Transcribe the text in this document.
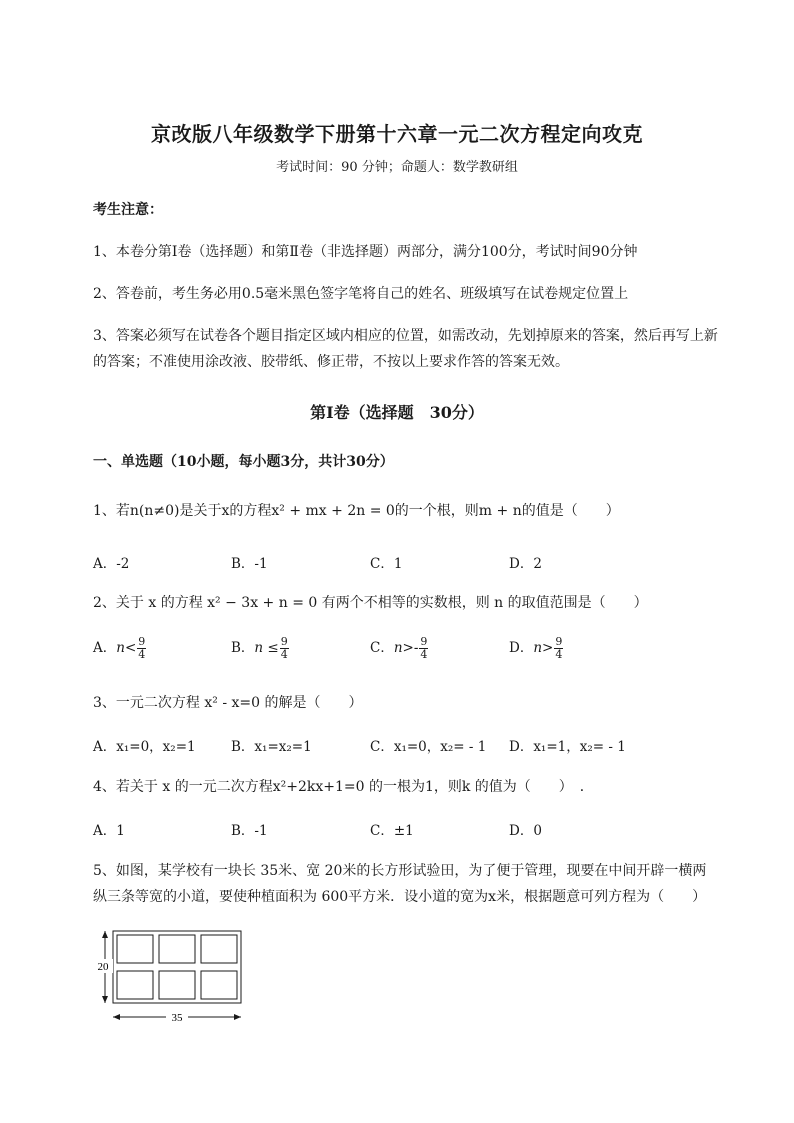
京改版八年级数学下册第十六章一元二次方程定向攻克
考试时间：90 分钟；命题人：数学教研组
考生注意：
1、本卷分第Ⅰ卷（选择题）和第Ⅱ卷（非选择题）两部分，满分100分，考试时间90分钟
2、答卷前，考生务必用0.5毫米黑色签字笔将自己的姓名、班级填写在试卷规定位置上
3、答案必须写在试卷各个题目指定区域内相应的位置，如需改动，先划掉原来的答案，然后再写上新
的答案；不准使用涂改液、胶带纸、修正带，不按以上要求作答的答案无效。
第Ⅰ卷（选择题　30分）
一、单选题（10小题，每小题3分，共计30分）
1、若n(n≠0)是关于x的方程x² + mx + 2n = 0的一个根，则m + n的值是（　　）
A．-2	B．-1	C．1	D．2
2、关于 x 的方程 x² − 3x + n = 0 有两个不相等的实数根，则 n 的取值范围是（　　）
A．$n< \frac{9}{4}$	B．$n \le \frac{9}{4}$	C．$n>- \frac{9}{4}$	D．$n> \frac{9}{4}$
3、一元二次方程 x² - x=0 的解是（　　）
A．x₁=0，x₂=1	B．x₁=x₂=1	C．x₁=0，x₂= - 1 D．x₁=1，x₂= - 1
4、若关于 x 的一元二次方程x²+2kx+1=0 的一根为1，则k 的值为（　　）　．
A．1	B．-1	C．±1	D．0
5、如图，某学校有一块长 35米、宽 20米的长方形试验田，为了便于管理，现要在中间开辟一横两
纵三条等宽的小道，要使种植面积为 600平方米．设小道的宽为x米，根据题意可列方程为（　　）
20
35
